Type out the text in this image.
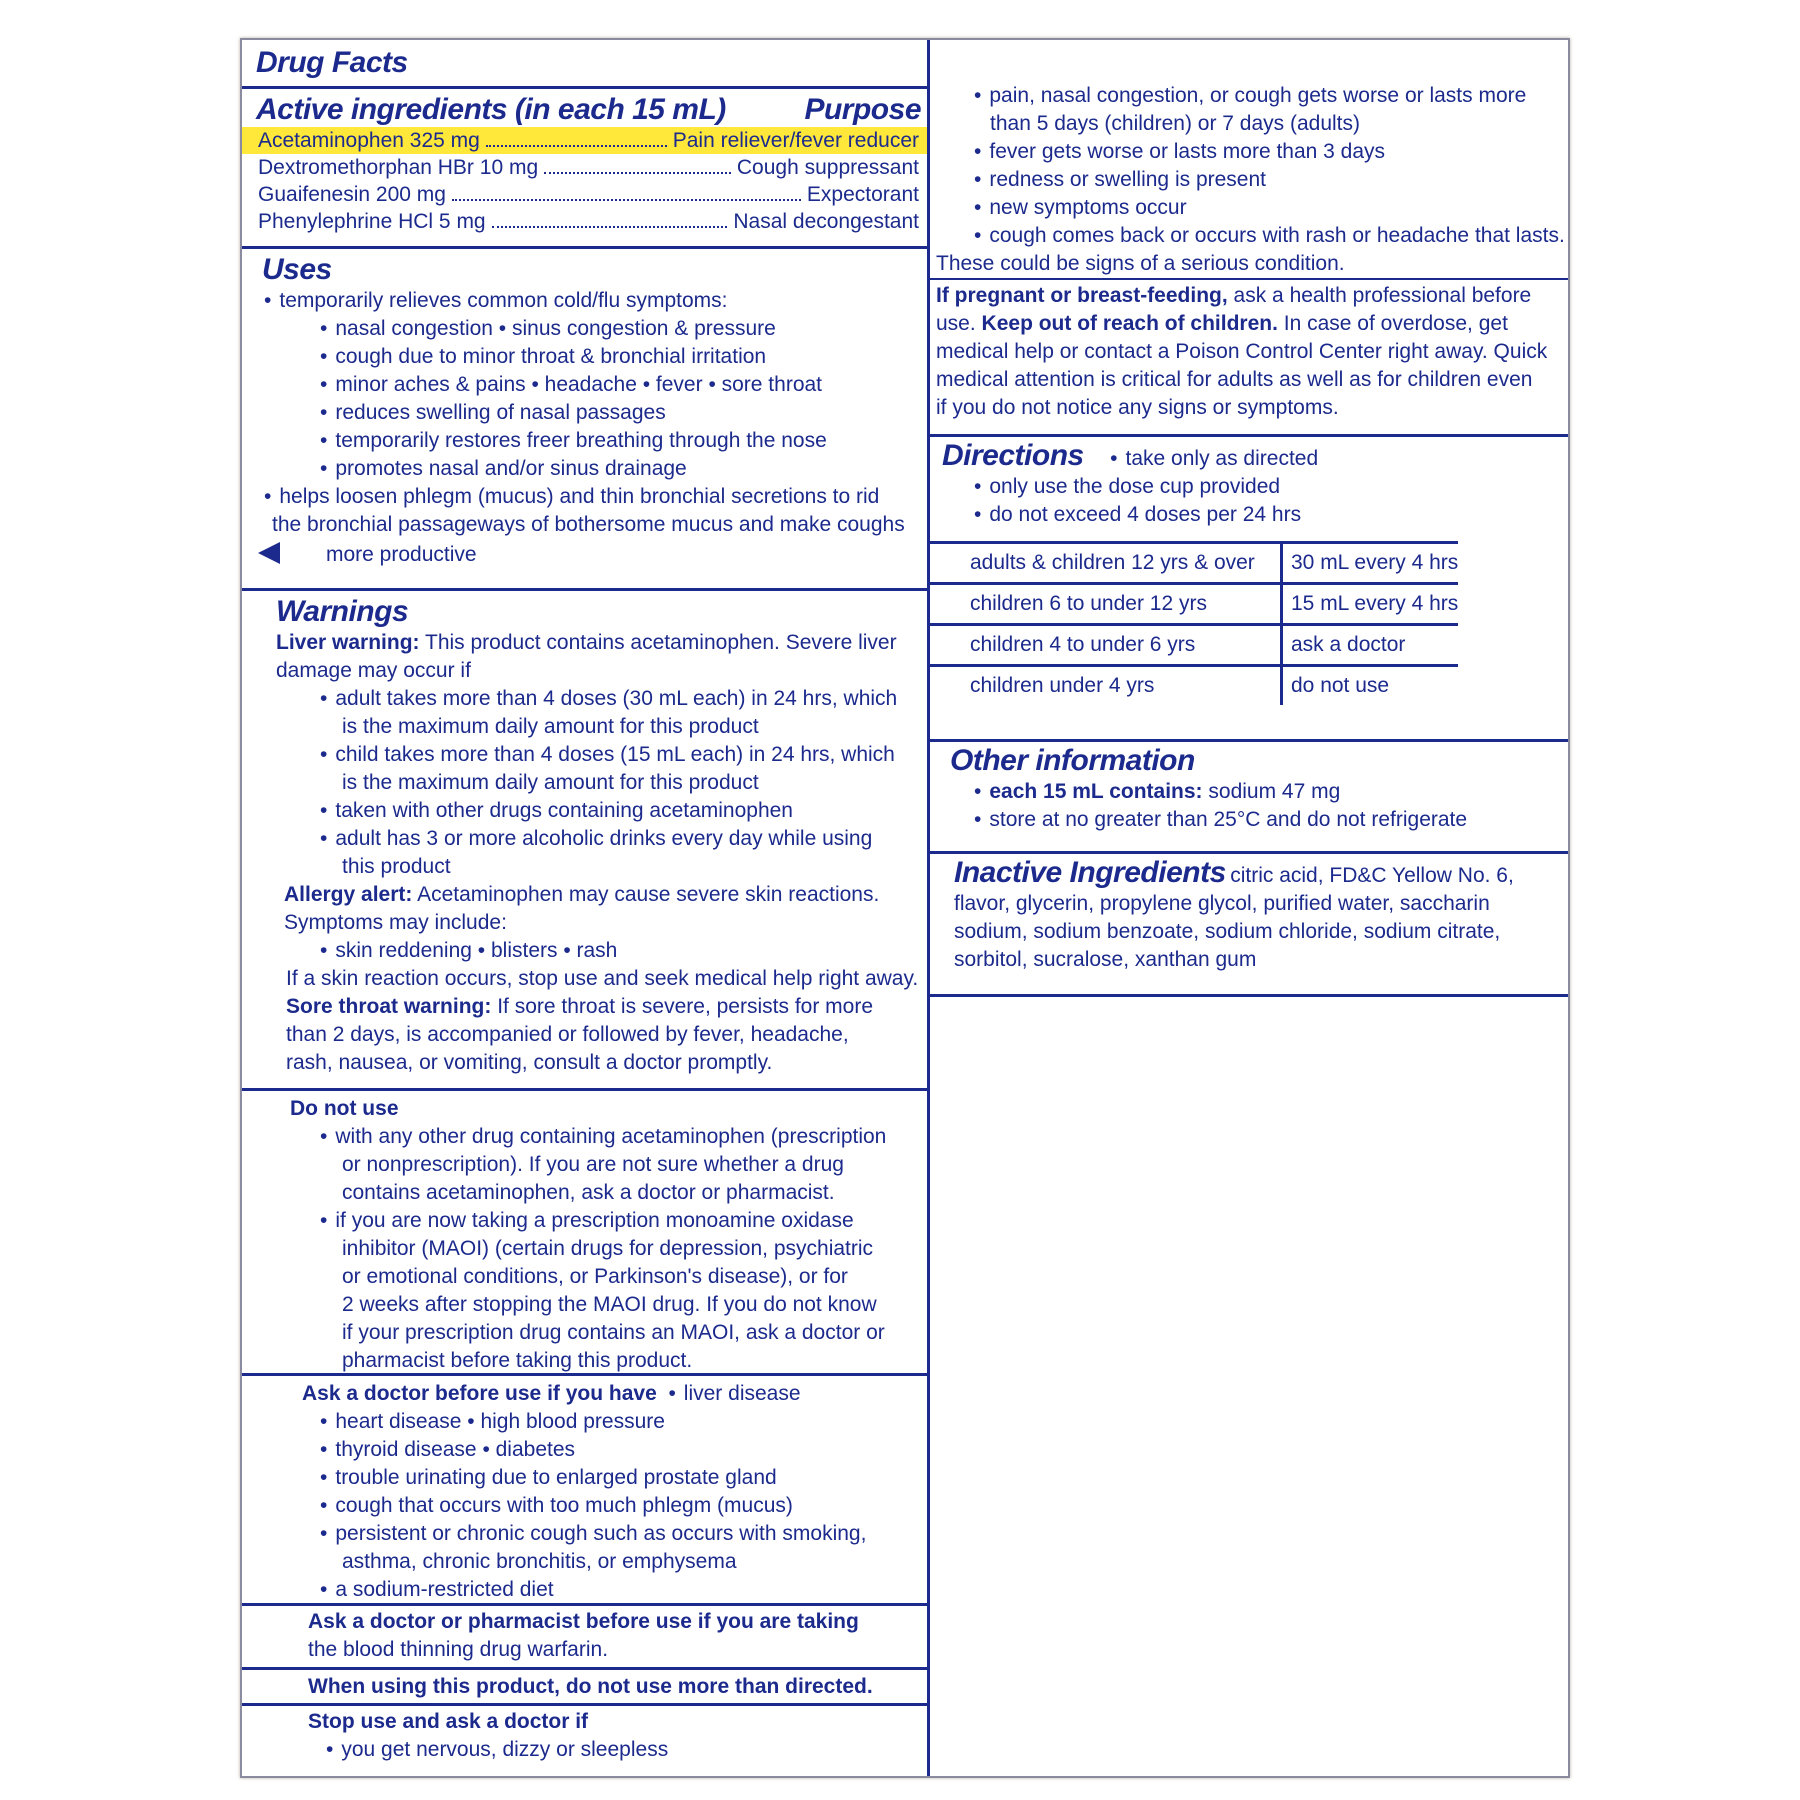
Drug Facts
Active ingredients (in each 15 mL)	Purpose
Acetaminophen 325 mg	Pain reliever/fever reducer
Dextromethorphan HBr 10 mg	Cough suppressant
Guaifenesin 200 mg	Expectorant
Phenylephrine HCl 5 mg	Nasal decongestant
Uses
• temporarily relieves common cold/flu symptoms:
• nasal congestion • sinus congestion & pressure
• cough due to minor throat & bronchial irritation
• minor aches & pains • headache • fever • sore throat
• reduces swelling of nasal passages
• temporarily restores freer breathing through the nose
• promotes nasal and/or sinus drainage
• helps loosen phlegm (mucus) and thin bronchial secretions to rid
the bronchial passageways of bothersome mucus and make coughs
more productive
Warnings
Liver warning: This product contains acetaminophen. Severe liver
damage may occur if
• adult takes more than 4 doses (30 mL each) in 24 hrs, which
is the maximum daily amount for this product
• child takes more than 4 doses (15 mL each) in 24 hrs, which
is the maximum daily amount for this product
• taken with other drugs containing acetaminophen
• adult has 3 or more alcoholic drinks every day while using
this product
Allergy alert: Acetaminophen may cause severe skin reactions.
Symptoms may include:
• skin reddening • blisters • rash
If a skin reaction occurs, stop use and seek medical help right away.
Sore throat warning: If sore throat is severe, persists for more
than 2 days, is accompanied or followed by fever, headache,
rash, nausea, or vomiting, consult a doctor promptly.
Do not use
• with any other drug containing acetaminophen (prescription
or nonprescription). If you are not sure whether a drug
contains acetaminophen, ask a doctor or pharmacist.
• if you are now taking a prescription monoamine oxidase
inhibitor (MAOI) (certain drugs for depression, psychiatric
or emotional conditions, or Parkinson's disease), or for
2 weeks after stopping the MAOI drug. If you do not know
if your prescription drug contains an MAOI, ask a doctor or
pharmacist before taking this product.
Ask a doctor before use if you have • liver disease
• heart disease • high blood pressure
• thyroid disease • diabetes
• trouble urinating due to enlarged prostate gland
• cough that occurs with too much phlegm (mucus)
• persistent or chronic cough such as occurs with smoking,
asthma, chronic bronchitis, or emphysema
• a sodium-restricted diet
Ask a doctor or pharmacist before use if you are taking
the blood thinning drug warfarin.
When using this product, do not use more than directed.
Stop use and ask a doctor if
• you get nervous, dizzy or sleepless
• pain, nasal congestion, or cough gets worse or lasts more
than 5 days (children) or 7 days (adults)
• fever gets worse or lasts more than 3 days
• redness or swelling is present
• new symptoms occur
• cough comes back or occurs with rash or headache that lasts.
These could be signs of a serious condition.
If pregnant or breast-feeding, ask a health professional before
use. Keep out of reach of children. In case of overdose, get
medical help or contact a Poison Control Center right away. Quick
medical attention is critical for adults as well as for children even
if you do not notice any signs or symptoms.
Directions • take only as directed
• only use the dose cup provided
• do not exceed 4 doses per 24 hrs
adults & children 12 yrs & over	30 mL every 4 hrs
children 6 to under 12 yrs	15 mL every 4 hrs
children 4 to under 6 yrs	ask a doctor
children under 4 yrs	do not use
Other information
• each 15 mL contains: sodium 47 mg
• store at no greater than 25°C and do not refrigerate
Inactive Ingredients citric acid, FD&C Yellow No. 6,
flavor, glycerin, propylene glycol, purified water, saccharin
sodium, sodium benzoate, sodium chloride, sodium citrate,
sorbitol, sucralose, xanthan gum
